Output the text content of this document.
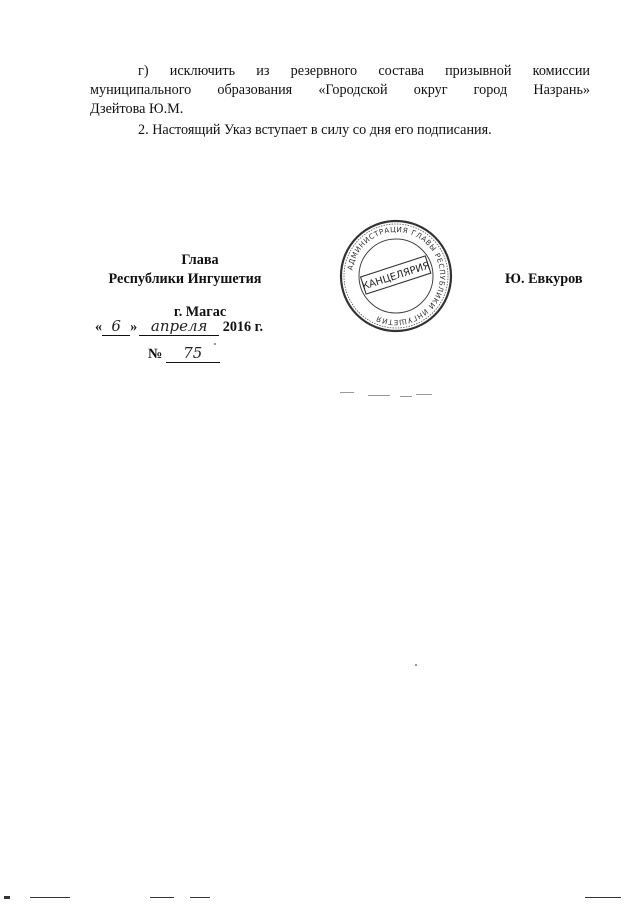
г) исключить из резервного состава призывной комиссии
муниципального образования «Городской округ город Назрань»
Дзейтова Ю.М.
2. Настоящий Указ вступает в силу со дня его подписания.
Глава
Республики Ингушетия
г. Магас
« 6 » апреля 2016 г.
№ 75
Ю. Евкуров
АДМИНИСТРАЦИЯ ГЛАВЫ РЕСПУБЛИКИ ИНГУШЕТИЯ
КАНЦЕЛЯРИЯ
